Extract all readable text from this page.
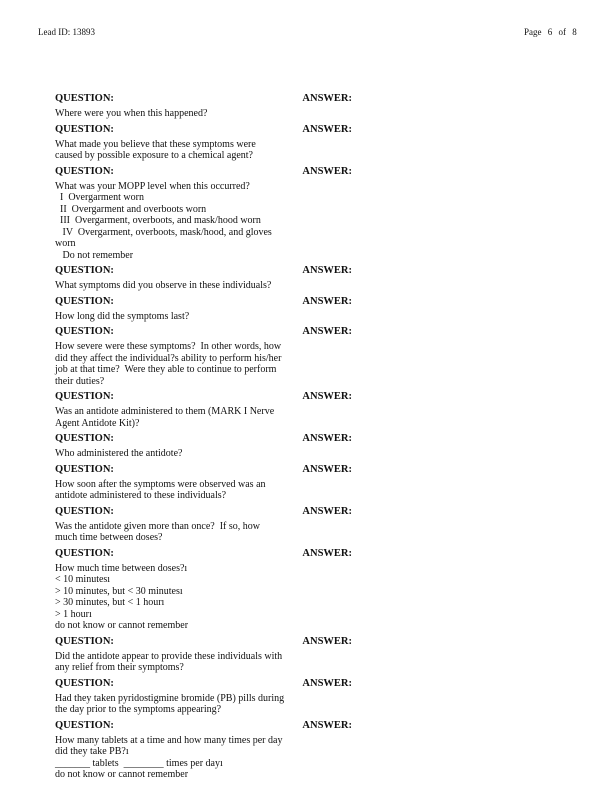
Lead ID: 13893	Page 6 of 8
QUESTION:	ANSWER:
Where were you when this happened?
QUESTION:	ANSWER:
What made you believe that these symptoms were
caused by possible exposure to a chemical agent?
QUESTION:	ANSWER:
What was your MOPP level when this occurred?
I  Overgarment worn
II  Overgarment and overboots worn
III  Overgarment, overboots, and mask/hood worn
IV  Overgarment, overboots, mask/hood, and gloves
worn
Do not remember
QUESTION:	ANSWER:
What symptoms did you observe in these individuals?
QUESTION:	ANSWER:
How long did the symptoms last?
QUESTION:	ANSWER:
How severe were these symptoms?  In other words, how
did they affect the individual?s ability to perform his/her
job at that time?  Were they able to continue to perform
their duties?
QUESTION:	ANSWER:
Was an antidote administered to them (MARK I Nerve
Agent Antidote Kit)?
QUESTION:	ANSWER:
Who administered the antidote?
QUESTION:	ANSWER:
How soon after the symptoms were observed was an
antidote administered to these individuals?
QUESTION:	ANSWER:
Was the antidote given more than once?  If so, how
much time between doses?
QUESTION:	ANSWER:
How much time between doses?ı
< 10 minutesı
> 10 minutes, but < 30 minutesı
> 30 minutes, but < 1 hourı
> 1 hourı
do not know or cannot remember
QUESTION:	ANSWER:
Did the antidote appear to provide these individuals with
any relief from their symptoms?
QUESTION:	ANSWER:
Had they taken pyridostigmine bromide (PB) pills during
the day prior to the symptoms appearing?
QUESTION:	ANSWER:
How many tablets at a time and how many times per day
did they take PB?ı
_______ tablets  ________ times per dayı
do not know or cannot remember
